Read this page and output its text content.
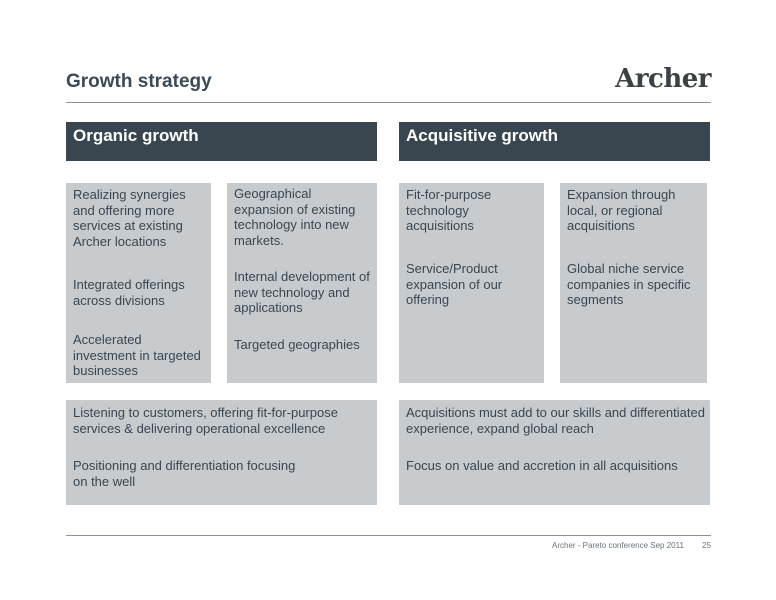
Growth strategy	Archer
Organic growth	Acquisitive growth

Realizing synergies and offering more services at existing Archer locations

Integrated offerings across divisions

Accelerated investment in targeted businesses

Geographical expansion of existing technology into new markets.

Internal development of new technology and applications

Targeted geographies

Fit-for-purpose technology acquisitions

Service/Product expansion of our offering

Expansion through local, or regional acquisitions

Global niche service companies in specific segments

Listening to customers, offering fit-for-purpose services & delivering operational excellence

Positioning and differentiation focusing on the well

Acquisitions must add to our skills and differentiated experience, expand global reach

Focus on value and accretion in all acquisitions

Archer - Pareto conference Sep 2011 25
